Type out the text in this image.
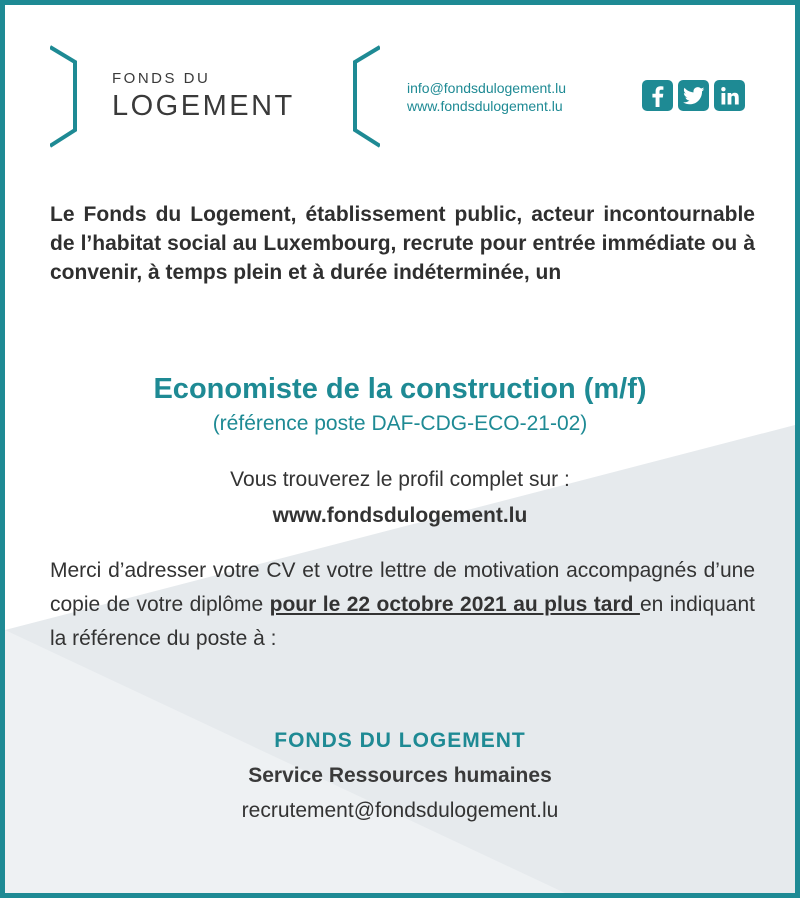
FONDS DU
LOGEMENT
info@fondsdulogement.lu
www.fondsdulogement.lu
Le Fonds du Logement, établissement public, acteur incontournable de l’habitat social au Luxembourg, recrute pour entrée immédiate ou à convenir, à temps plein et à durée indéterminée, un
Economiste de la construction (m/f)
(référence poste DAF-CDG-ECO-21-02)
Vous trouverez le profil complet sur :
www.fondsdulogement.lu
Merci d’adresser votre CV et votre lettre de motivation accompagnés d’une copie de votre diplôme pour le 22 octobre 2021 au plus tard en indiquant la référence du poste à :
FONDS DU LOGEMENT
Service Ressources humaines
recrutement@fondsdulogement.lu
